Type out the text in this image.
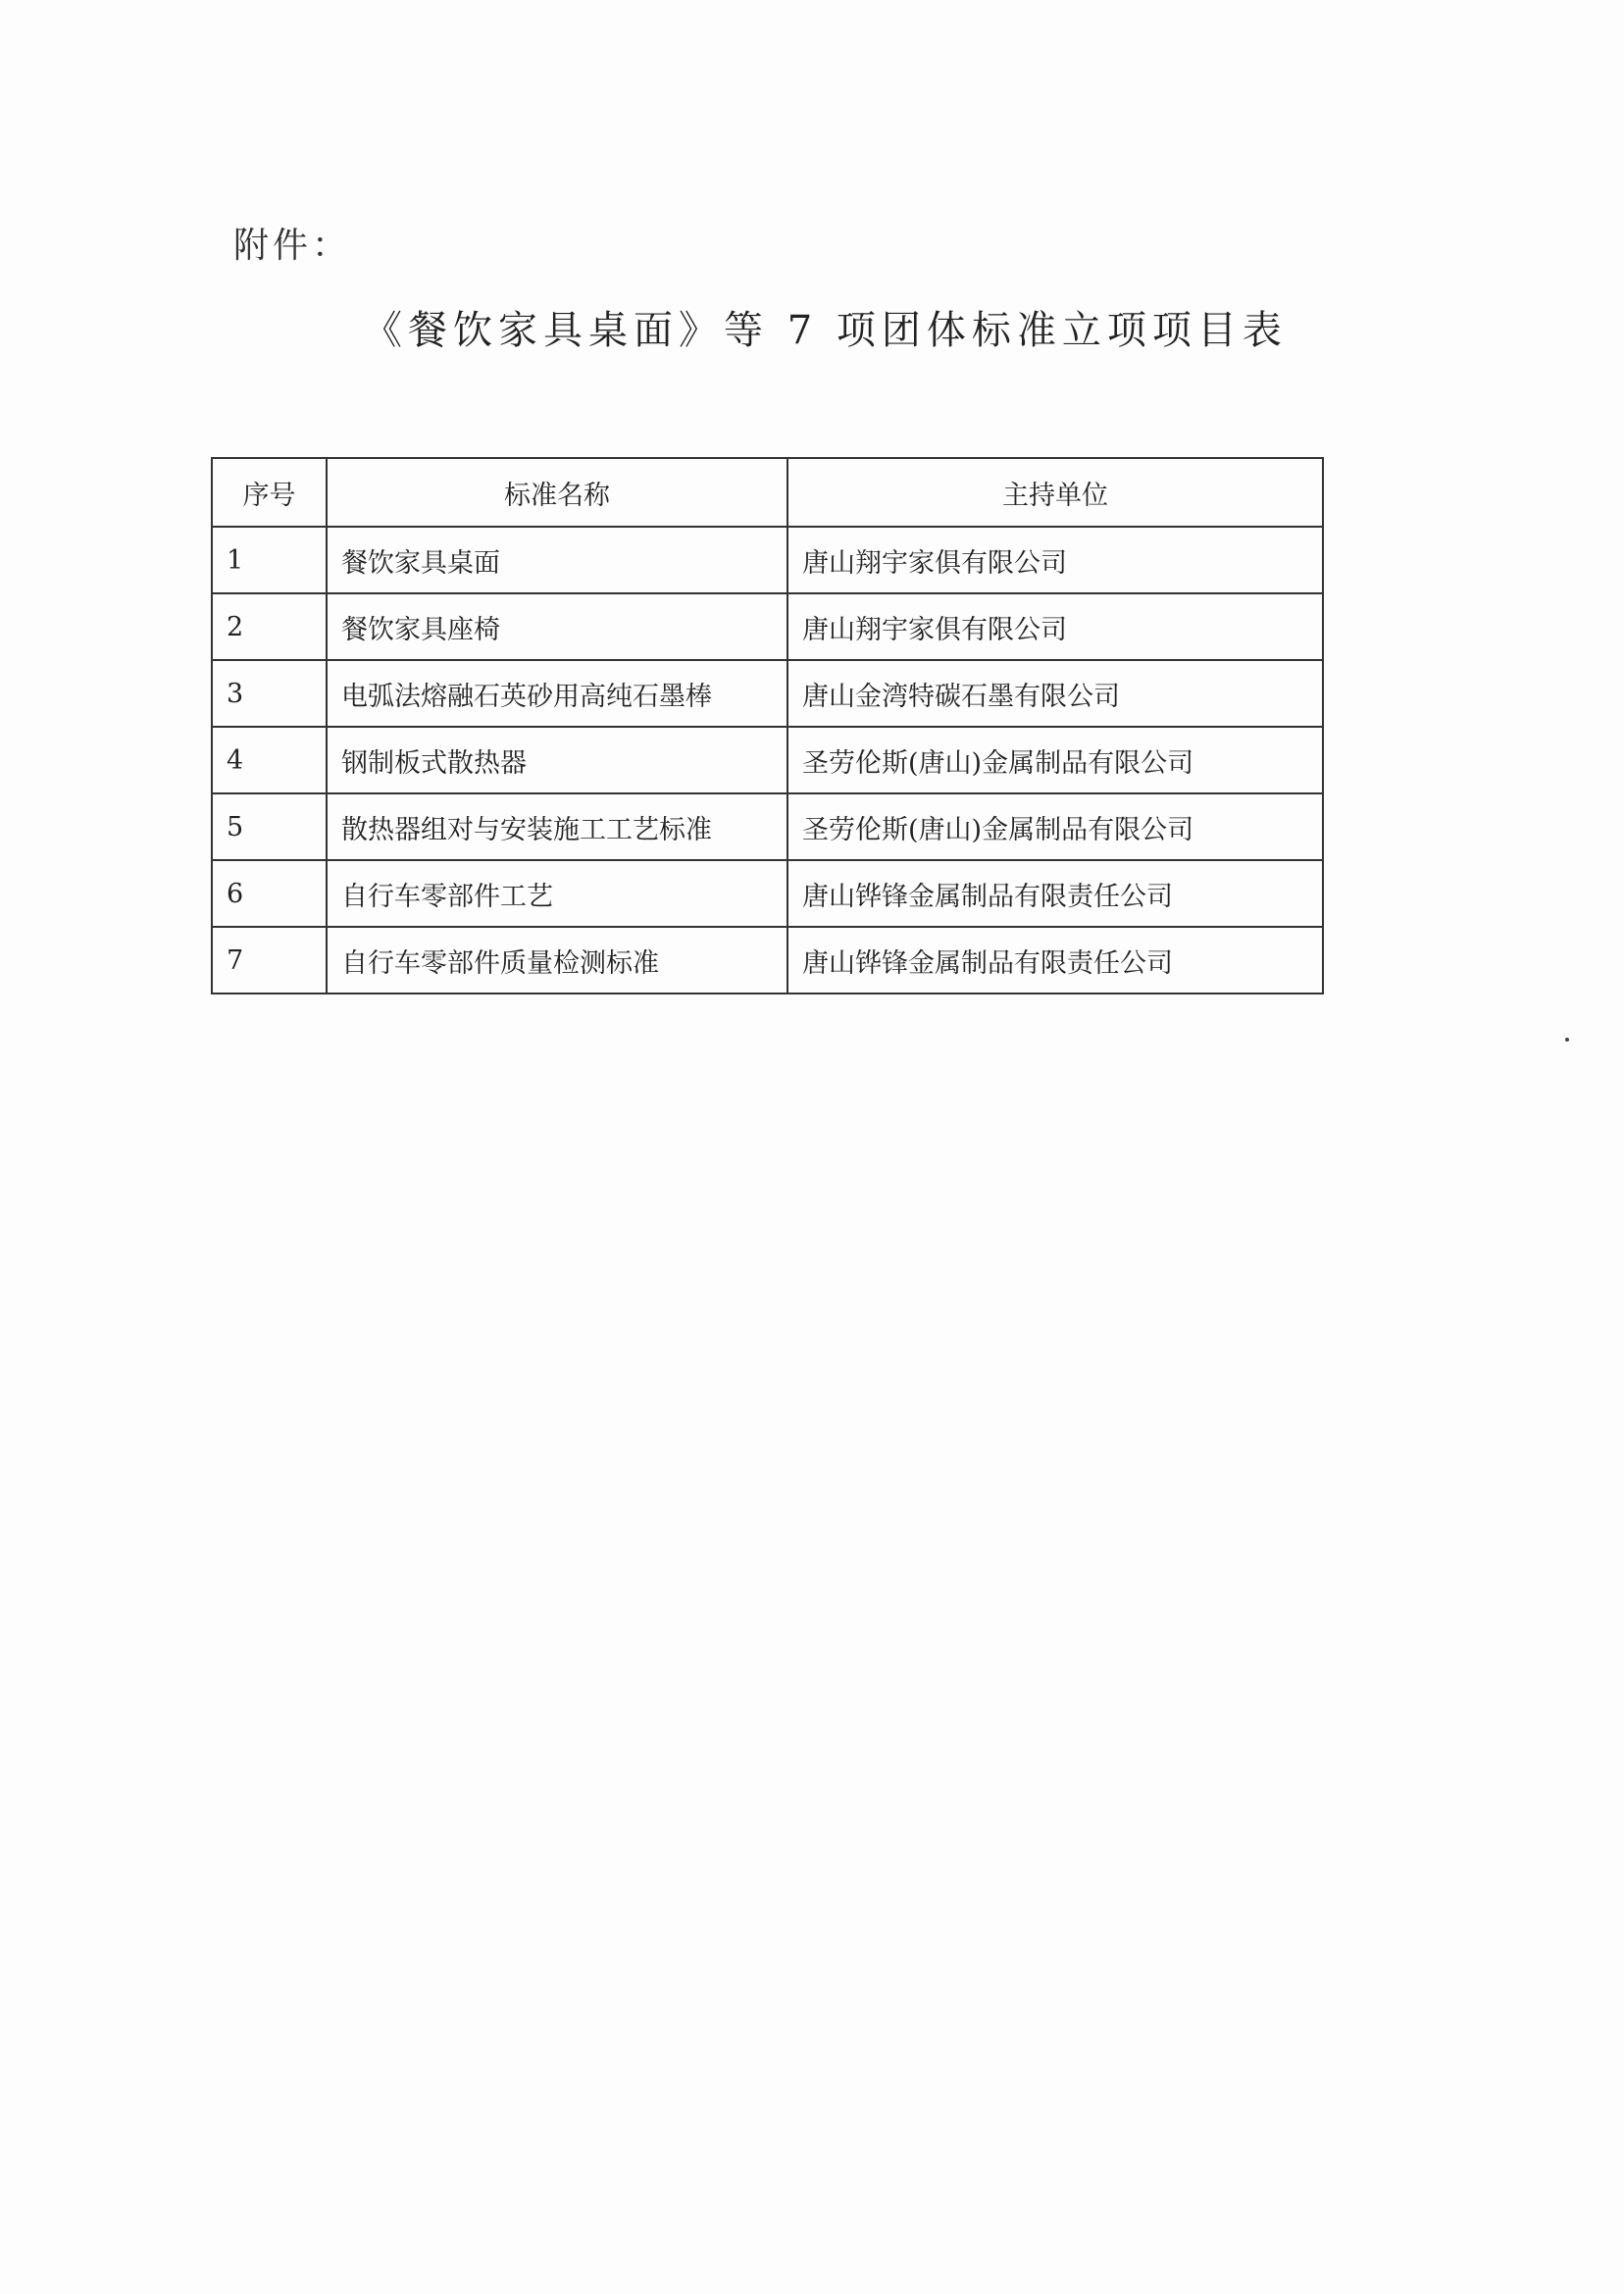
附件：
《餐饮家具桌面》等 7 项团体标准立项项目表
序号	标准名称	主持单位
1	餐饮家具桌面	唐山翔宇家俱有限公司
2	餐饮家具座椅	唐山翔宇家俱有限公司
3	电弧法熔融石英砂用高纯石墨棒	唐山金湾特碳石墨有限公司
4	钢制板式散热器	圣劳伦斯(唐山)金属制品有限公司
5	散热器组对与安装施工工艺标准	圣劳伦斯(唐山)金属制品有限公司
6	自行车零部件工艺	唐山铧锋金属制品有限责任公司
7	自行车零部件质量检测标准	唐山铧锋金属制品有限责任公司
